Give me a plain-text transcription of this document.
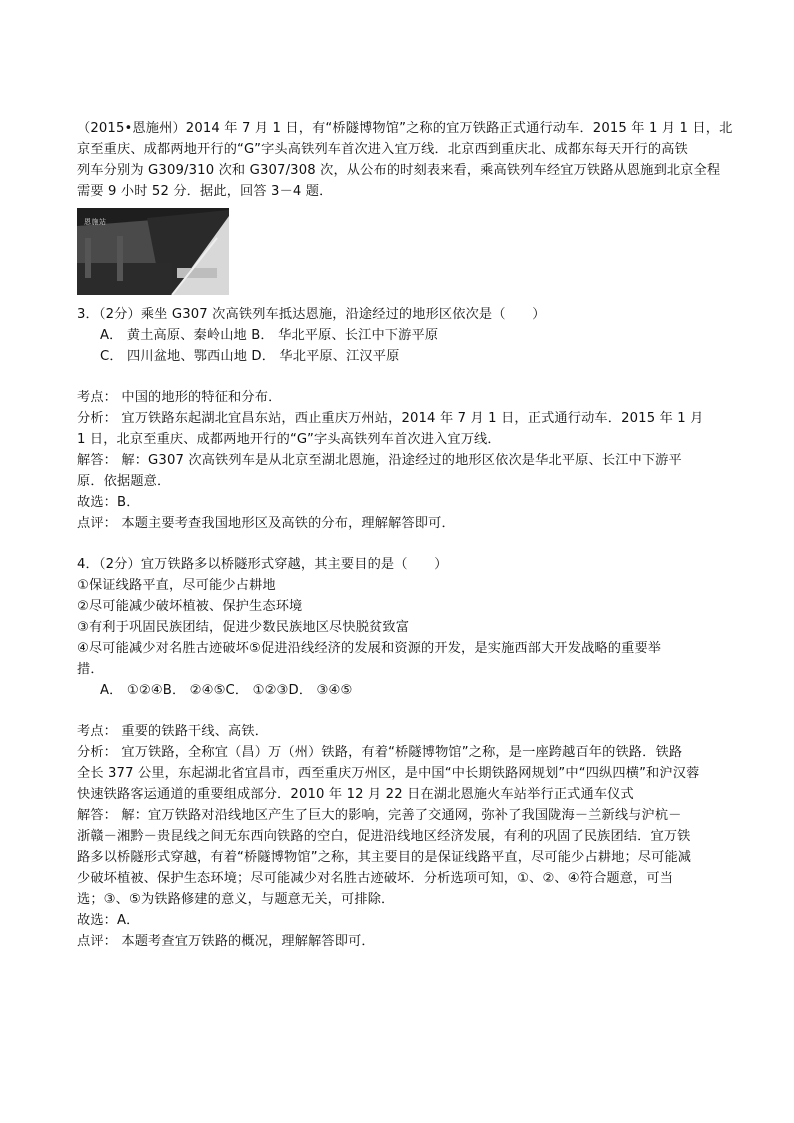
（2015•恩施州）2014 年 7 月 1 日，有“桥隧博物馆”之称的宜万铁路正式通行动车．2015 年 1 月 1 日，北
京至重庆、成都两地开行的“G”字头高铁列车首次进入宜万线．北京西到重庆北、成都东每天开行的高铁
列车分别为 G309/310 次和 G307/308 次，从公布的时刻表来看，乘高铁列车经宜万铁路从恩施到北京全程
需要 9 小时 52 分．据此，回答 3－4 题．
恩施站
3．（2分）乘坐 G307 次高铁列车抵达恩施，沿途经过的地形区依次是（　　）
A． 黄土高原、秦岭山地 B． 华北平原、长江中下游平原
C． 四川盆地、鄂西山地 D． 华北平原、江汉平原
考点： 中国的地形的特征和分布．
分析： 宜万铁路东起湖北宜昌东站，西止重庆万州站，2014 年 7 月 1 日，正式通行动车．2015 年 1 月
1 日，北京至重庆、成都两地开行的“G”字头高铁列车首次进入宜万线．
解答： 解：G307 次高铁列车是从北京至湖北恩施，沿途经过的地形区依次是华北平原、长江中下游平
原．依据题意．
故选：B．
点评： 本题主要考查我国地形区及高铁的分布，理解解答即可．
4．（2分）宜万铁路多以桥隧形式穿越，其主要目的是（　　）
①保证线路平直，尽可能少占耕地
②尽可能减少破坏植被、保护生态环境
③有利于巩固民族团结，促进少数民族地区尽快脱贫致富
④尽可能减少对名胜古迹破坏⑤促进沿线经济的发展和资源的开发，是实施西部大开发战略的重要举
措．
A． ①②④B． ②④⑤C． ①②③D． ③④⑤
考点： 重要的铁路干线、高铁．
分析： 宜万铁路，全称宜（昌）万（州）铁路，有着“桥隧博物馆”之称，是一座跨越百年的铁路．铁路
全长 377 公里，东起湖北省宜昌市，西至重庆万州区，是中国“中长期铁路网规划”中“四纵四横”和沪汉蓉
快速铁路客运通道的重要组成部分．2010 年 12 月 22 日在湖北恩施火车站举行正式通车仪式
解答： 解：宜万铁路对沿线地区产生了巨大的影响，完善了交通网，弥补了我国陇海－兰新线与沪杭－
浙赣－湘黔－贵昆线之间无东西向铁路的空白，促进沿线地区经济发展，有利的巩固了民族团结．宜万铁
路多以桥隧形式穿越，有着“桥隧博物馆”之称，其主要目的是保证线路平直，尽可能少占耕地；尽可能减
少破坏植被、保护生态环境；尽可能减少对名胜古迹破坏．分析选项可知，①、②、④符合题意，可当
选；③、⑤为铁路修建的意义，与题意无关，可排除．
故选：A．
点评： 本题考查宜万铁路的概况，理解解答即可．
